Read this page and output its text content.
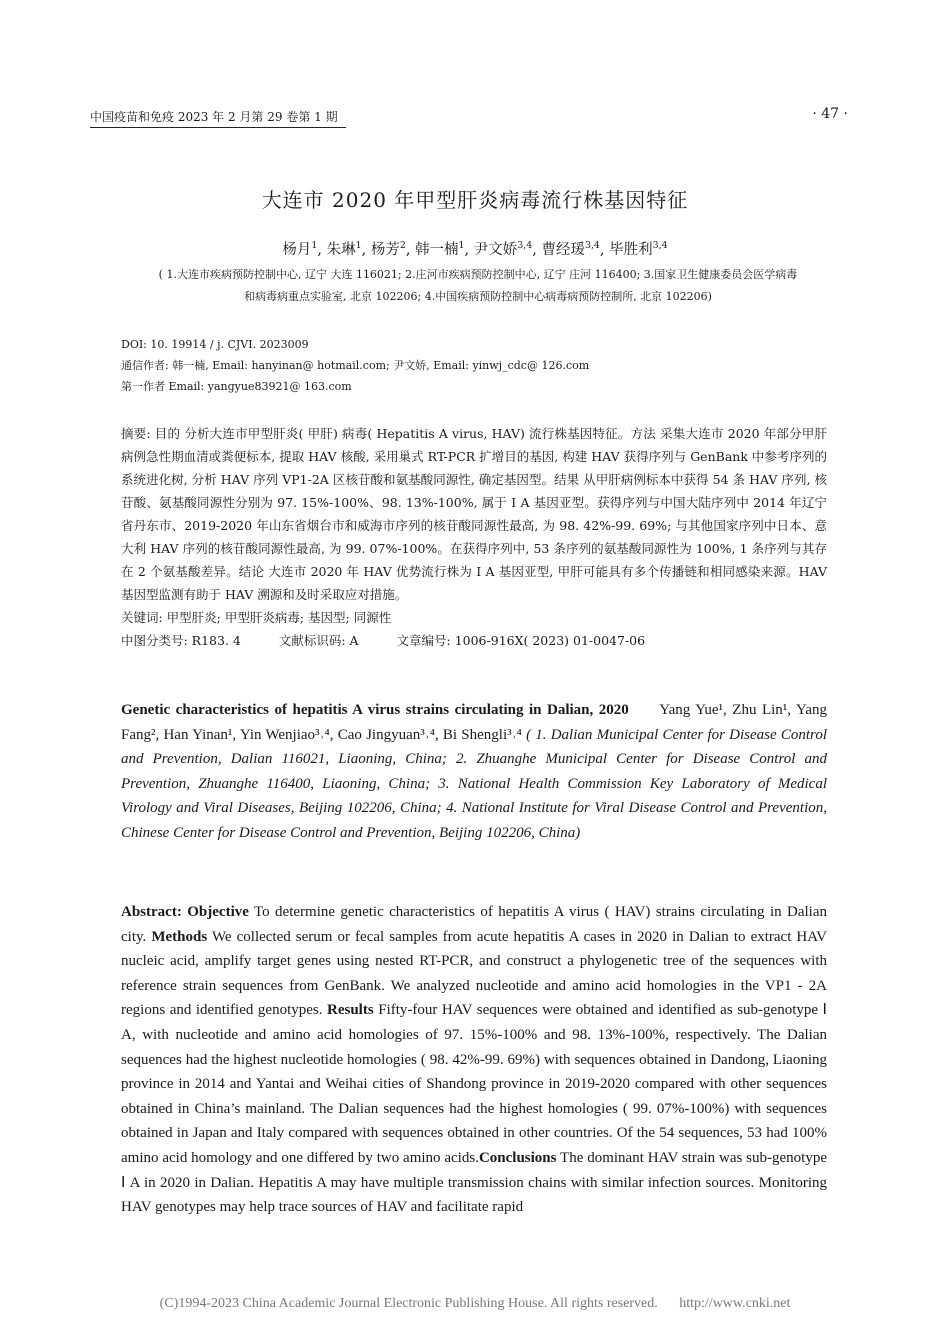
中国疫苗和免疫 2023 年 2 月第 29 卷第 1 期	· 47 ·
大连市 2020 年甲型肝炎病毒流行株基因特征
杨月$^1$, 朱琳$^1$, 杨芳$^2$, 韩一楠$^1$, 尹文娇$^{3,4}$, 曹经瑗$^{3,4}$, 毕胜利$^{3,4}$
( 1.大连市疾病预防控制中心, 辽宁 大连 116021; 2.庄河市疾病预防控制中心, 辽宁 庄河 116400; 3.国家卫生健康委员会医学病毒
和病毒病重点实验室, 北京 102206; 4.中国疾病预防控制中心病毒病预防控制所, 北京 102206)
DOI: 10. 19914 / j. CJVI. 2023009
通信作者: 韩一楠, Email: hanyinan@ hotmail.com; 尹文娇, Email: yinwj_cdc@ 126.com
第一作者 Email: yangyue83921@ 163.com

摘要: 目的 分析大连市甲型肝炎( 甲肝) 病毒( Hepatitis A virus, HAV) 流行株基因特征。方法 采集大连市 2020 年部分甲肝病例急性期血清或粪便标本, 提取 HAV 核酸, 采用巢式 RT-PCR 扩增目的基因, 构建 HAV 获得序列与 GenBank 中参考序列的系统进化树, 分析 HAV 序列 VP1-2A 区核苷酸和氨基酸同源性, 确定基因型。结果 从甲肝病例标本中获得 54 条 HAV 序列, 核苷酸、氨基酸同源性分别为 97. 15%-100%、98. 13%-100%, 属于 Ⅰ A 基因亚型。获得序列与中国大陆序列中 2014 年辽宁省丹东市、2019-2020 年山东省烟台市和威海市序列的核苷酸同源性最高, 为 98. 42%-99. 69%; 与其他国家序列中日本、意大利 HAV 序列的核苷酸同源性最高, 为 99. 07%-100%。在获得序列中, 53 条序列的氨基酸同源性为 100%, 1 条序列与其存在 2 个氨基酸差异。结论 大连市 2020 年 HAV 优势流行株为 Ⅰ A 基因亚型, 甲肝可能具有多个传播链和相同感染来源。HAV 基因型监测有助于 HAV 溯源和及时采取应对措施。

关键词: 甲型肝炎; 甲型肝炎病毒; 基因型; 同源性

中图分类号: R183. 4	文献标识码: A	文章编号: 1006-916X( 2023) 01-0047-06

Genetic characteristics of hepatitis A virus strains circulating in Dalian, 2020 Yang Yue¹, Zhu Lin¹, Yang Fang², Han Yinan¹, Yin Wenjiao³˒⁴, Cao Jingyuan³˒⁴, Bi Shengli³˒⁴ ( 1. Dalian Municipal Center for Disease Control and Prevention, Dalian 116021, Liaoning, China; 2. Zhuanghe Municipal Center for Disease Control and Prevention, Zhuanghe 116400, Liaoning, China; 3. National Health Commission Key Laboratory of Medical Virology and Viral Diseases, Beijing 102206, China; 4. National Institute for Viral Disease Control and Prevention, Chinese Center for Disease Control and Prevention, Beijing 102206, China)
Abstract: Objective To determine genetic characteristics of hepatitis A virus ( HAV) strains circulating in Dalian city. Methods We collected serum or fecal samples from acute hepatitis A cases in 2020 in Dalian to extract HAV nucleic acid, amplify target genes using nested RT-PCR, and construct a phylogenetic tree of the sequences with reference strain sequences from GenBank. We analyzed nucleotide and amino acid homologies in the VP1 - 2A regions and identified genotypes. Results Fifty-four HAV sequences were obtained and identified as sub-genotype Ⅰ A, with nucleotide and amino acid homologies of 97. 15%-100% and 98. 13%-100%, respectively. The Dalian sequences had the highest nucleotide homologies ( 98. 42%-99. 69%) with sequences obtained in Dandong, Liaoning province in 2014 and Yantai and Weihai cities of Shandong province in 2019-2020 compared with other sequences obtained in China’s mainland. The Dalian sequences had the highest homologies ( 99. 07%-100%) with sequences obtained in Japan and Italy compared with sequences obtained in other countries. Of the 54 sequences, 53 had 100% amino acid homology and one differed by two amino acids.Conclusions The dominant HAV strain was sub-genotype Ⅰ A in 2020 in Dalian. Hepatitis A may have multiple transmission chains with similar infection sources. Monitoring HAV genotypes may help trace sources of HAV and facilitate rapid
(C)1994-2023 China Academic Journal Electronic Publishing House. All rights reserved. http://www.cnki.net
